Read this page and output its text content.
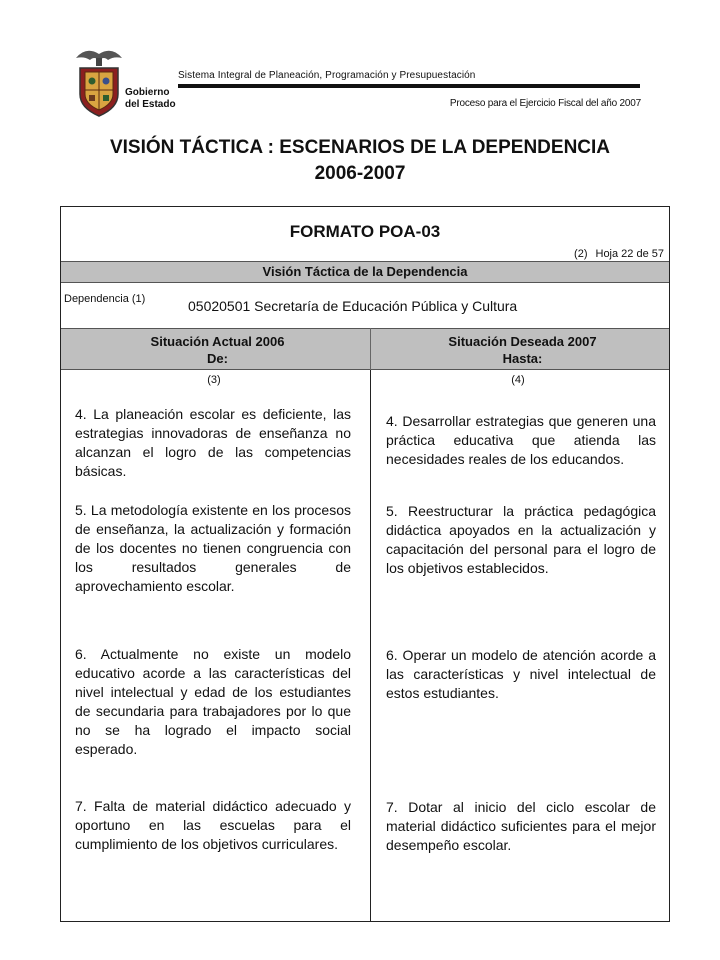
Gobierno
del Estado
Sistema Integral de Planeación, Programación y Presupuestación
Proceso para el Ejercicio Fiscal del año 2007
VISIÓN TÁCTICA : ESCENARIOS DE LA DEPENDENCIA
2006-2007
FORMATO POA-03
(2) Hoja 22 de 57
Visión Táctica de la Dependencia
Dependencia (1)	05020501 Secretaría de Educación Pública y Cultura
Situación Actual 2006
De:
Situación Deseada 2007
Hasta:
(3)	(4)
4. La planeación escolar es deficiente, las estrategias innovadoras de enseñanza no alcanzan el logro de las competencias básicas.
4. Desarrollar estrategias que generen una práctica educativa que atienda las necesidades reales de los educandos.
5. La metodología existente en los procesos de enseñanza, la actualización y formación de los docentes no tienen congruencia con los resultados generales de aprovechamiento escolar.
5. Reestructurar la práctica pedagógica didáctica apoyados en la actualización y capacitación del personal para el logro de los objetivos establecidos.
6. Actualmente no existe un modelo educativo acorde a las características del nivel intelectual y edad de los estudiantes de secundaria para trabajadores por lo que no se ha logrado el impacto social esperado.
6. Operar un modelo de atención acorde a las características y nivel intelectual de estos estudiantes.
7. Falta de material didáctico adecuado y oportuno en las escuelas para el cumplimiento de los objetivos curriculares.
7. Dotar al inicio del ciclo escolar de material didáctico suficientes para el mejor desempeño escolar.
